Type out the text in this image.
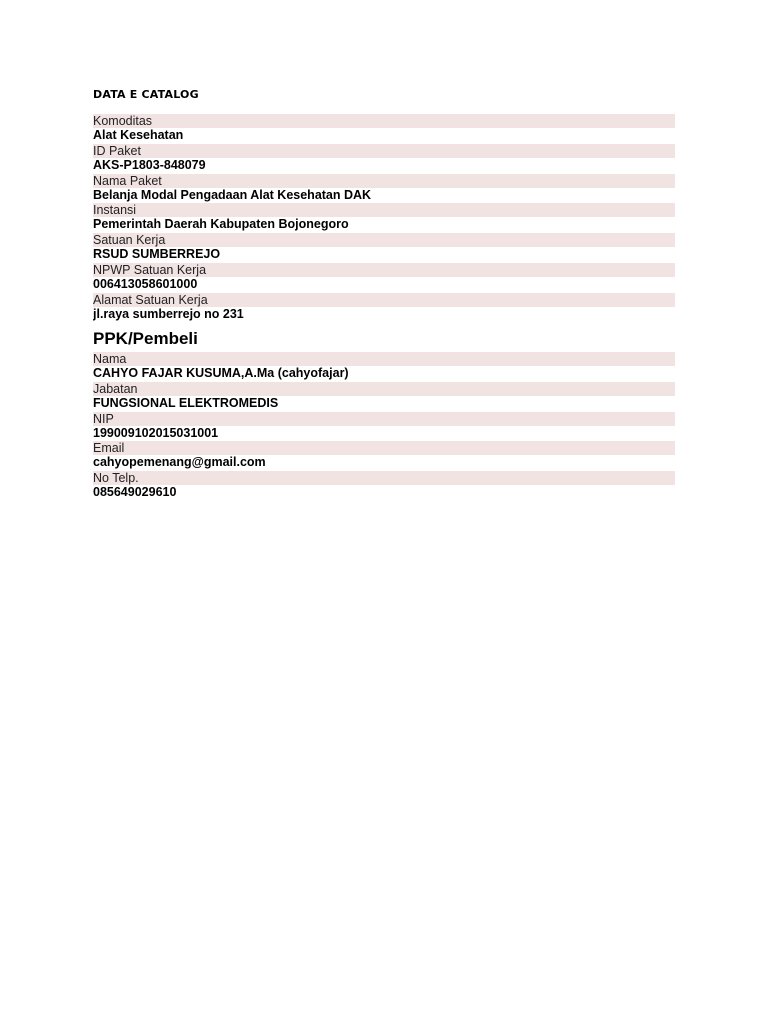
DATA E CATALOG
Komoditas
Alat Kesehatan
ID Paket
AKS-P1803-848079
Nama Paket
Belanja Modal Pengadaan Alat Kesehatan DAK
Instansi
Pemerintah Daerah Kabupaten Bojonegoro
Satuan Kerja
RSUD SUMBERREJO
NPWP Satuan Kerja
006413058601000
Alamat Satuan Kerja
jl.raya sumberrejo no 231
PPK/Pembeli
Nama
CAHYO FAJAR KUSUMA,A.Ma (cahyofajar)
Jabatan
FUNGSIONAL ELEKTROMEDIS
NIP
199009102015031001
Email
cahyopemenang@gmail.com
No Telp.
085649029610
